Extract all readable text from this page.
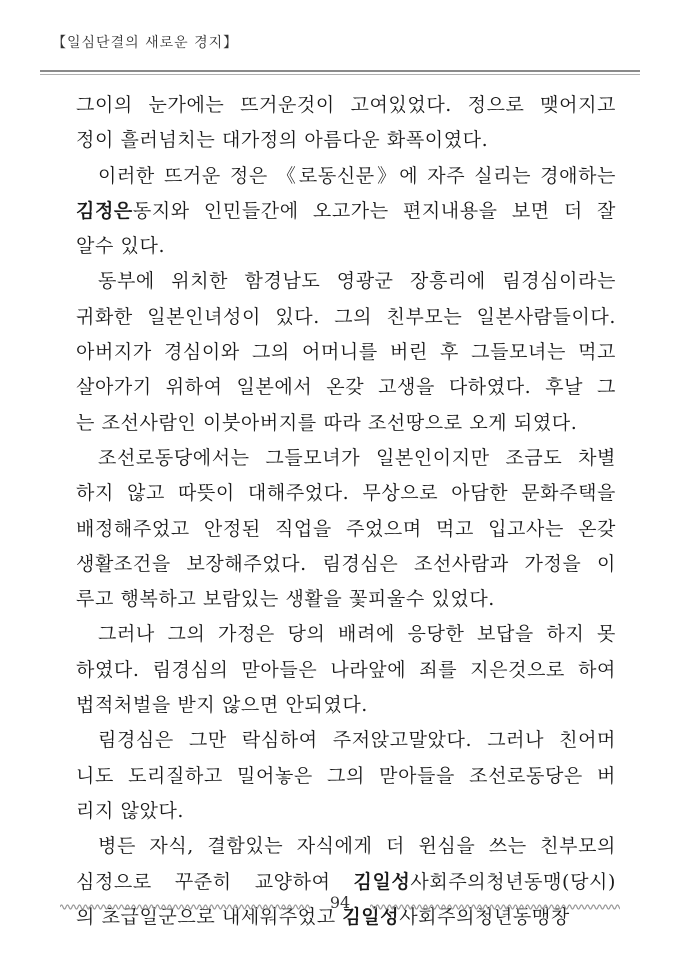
【일심단결의 새로운 경지】
그이의 눈가에는 뜨거운것이 고여있었다. 정으로 맺어지고
정이 흘러넘치는 대가정의 아름다운 화폭이였다.
이러한 뜨거운 정은 《로동신문》에 자주 실리는 경애하는
김정은동지와 인민들간에 오고가는 편지내용을 보면 더 잘
알수 있다.
동부에 위치한 함경남도 영광군 장흥리에 림경심이라는
귀화한 일본인녀성이 있다. 그의 친부모는 일본사람들이다.
아버지가 경심이와 그의 어머니를 버린 후 그들모녀는 먹고
살아가기 위하여 일본에서 온갖 고생을 다하였다. 후날 그
는 조선사람인 이붓아버지를 따라 조선땅으로 오게 되였다.
조선로동당에서는 그들모녀가 일본인이지만 조금도 차별
하지 않고 따뜻이 대해주었다. 무상으로 아담한 문화주택을
배정해주었고 안정된 직업을 주었으며 먹고 입고사는 온갖
생활조건을 보장해주었다. 림경심은 조선사람과 가정을 이
루고 행복하고 보람있는 생활을 꽃피울수 있었다.
그러나 그의 가정은 당의 배려에 응당한 보답을 하지 못
하였다. 림경심의 맏아들은 나라앞에 죄를 지은것으로 하여
법적처벌을 받지 않으면 안되였다.
림경심은 그만 락심하여 주저앉고말았다. 그러나 친어머
니도 도리질하고 밀어놓은 그의 맏아들을 조선로동당은 버
리지 않았다.
병든 자식, 결함있는 자식에게 더 윈심을 쓰는 친부모의
심정으로 꾸준히 교양하여 김일성사회주의청년동맹(당시)
의 초급일군으로 내세워주었고 김일성사회주의청년동맹창
94
